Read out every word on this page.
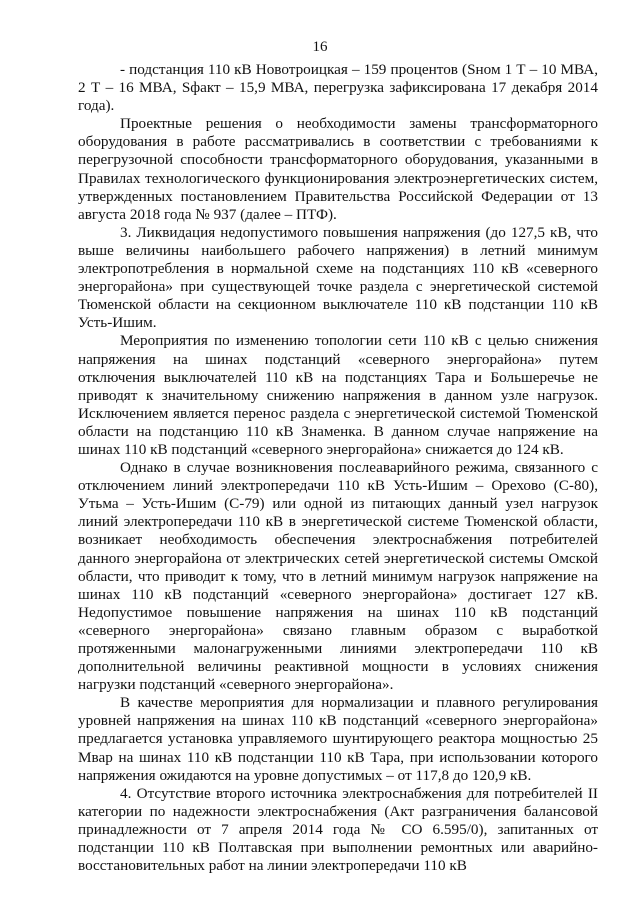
16

- подстанция 110 кВ Новотроицкая – 159 процентов (Sном 1 Т – 10 МВА, 2 Т – 16 МВА, Sфакт – 15,9 МВА, перегрузка зафиксирована 17 декабря 2014 года).

Проектные решения о необходимости замены трансформаторного оборудования в работе рассматривались в соответствии с требованиями к перегрузочной способности трансформаторного оборудования, указанными в Правилах технологического функционирования электроэнергетических систем, утвержденных постановлением Правительства Российской Федерации от 13 августа 2018 года № 937 (далее – ПТФ).

3. Ликвидация недопустимого повышения напряжения (до 127,5 кВ, что выше величины наибольшего рабочего напряжения) в летний минимум электропотребления в нормальной схеме на подстанциях 110 кВ «северного энергорайона» при существующей точке раздела с энергетической системой Тюменской области на секционном выключателе 110 кВ подстанции 110 кВ Усть-Ишим.

Мероприятия по изменению топологии сети 110 кВ с целью снижения напряжения на шинах подстанций «северного энергорайона» путем отключения выключателей 110 кВ на подстанциях Тара и Большеречье не приводят к значительному снижению напряжения в данном узле нагрузок. Исключением является перенос раздела с энергетической системой Тюменской области на подстанцию 110 кВ Знаменка. В данном случае напряжение на шинах 110 кВ подстанций «северного энергорайона» снижается до 124 кВ.

Однако в случае возникновения послеаварийного режима, связанного с отключением линий электропередачи 110 кВ Усть-Ишим – Орехово (С-80), Утьма – Усть-Ишим (С-79) или одной из питающих данный узел нагрузок линий электропередачи 110 кВ в энергетической системе Тюменской области, возникает необходимость обеспечения электроснабжения потребителей данного энергорайона от электрических сетей энергетической системы Омской области, что приводит к тому, что в летний минимум нагрузок напряжение на шинах 110 кВ подстанций «северного энергорайона» достигает 127 кВ. Недопустимое повышение напряжения на шинах 110 кВ подстанций «северного энергорайона» связано главным образом с выработкой протяженными малонагруженными линиями электропередачи 110 кВ дополнительной величины реактивной мощности в условиях снижения нагрузки подстанций «северного энергорайона».

В качестве мероприятия для нормализации и плавного регулирования уровней напряжения на шинах 110 кВ подстанций «северного энергорайона» предлагается установка управляемого шунтирующего реактора мощностью 25 Мвар на шинах 110 кВ подстанции 110 кВ Тара, при использовании которого напряжения ожидаются на уровне допустимых – от 117,8 до 120,9 кВ.

4. Отсутствие второго источника электроснабжения для потребителей II категории по надежности электроснабжения (Акт разграничения балансовой принадлежности от 7 апреля 2014 года № СО 6.595/0), запитанных от подстанции 110 кВ Полтавская при выполнении ремонтных или аварийно-восстановительных работ на линии электропередачи 110 кВ
